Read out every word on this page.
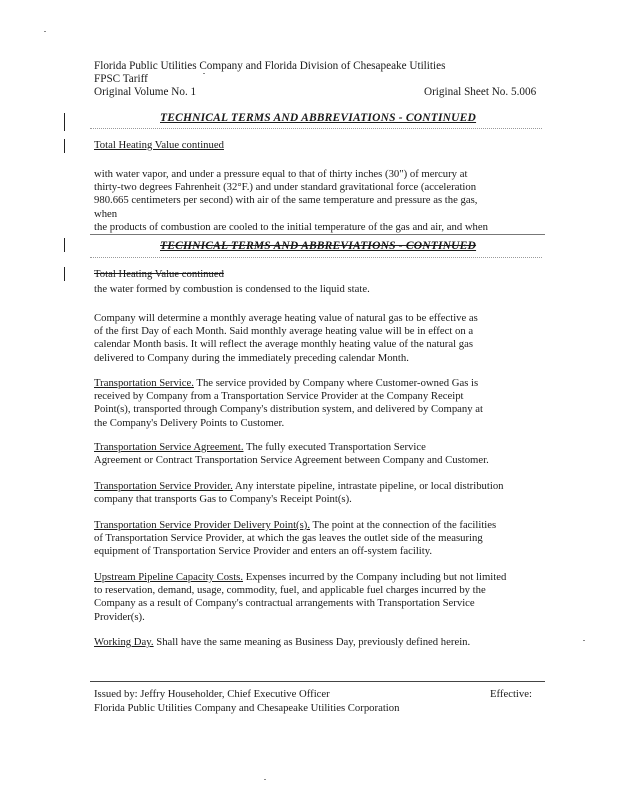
Florida Public Utilities Company and Florida Division of Chesapeake Utilities
FPSC Tariff
Original Volume No. 1	Original Sheet No. 5.006
TECHNICAL TERMS AND ABBREVIATIONS - CONTINUED
Total Heating Value continued

with water vapor, and under a pressure equal to that of thirty inches (30") of mercury at

thirty-two degrees Fahrenheit (32°F.) and under standard gravitational force (acceleration

980.665 centimeters per second) with air of the same temperature and pressure as the gas,

when

the products of combustion are cooled to the initial temperature of the gas and air, and when

TECHNICAL TERMS AND ABBREVIATIONS - CONTINUED
Total Heating Value continued
the water formed by combustion is condensed to the liquid state.

Company will determine a monthly average heating value of natural gas to be effective as

of the first Day of each Month. Said monthly average heating value will be in effect on a

calendar Month basis. It will reflect the average monthly heating value of the natural gas

delivered to Company during the immediately preceding calendar Month.

Transportation Service. The service provided by Company where Customer-owned Gas is

received by Company from a Transportation Service Provider at the Company Receipt

Point(s), transported through Company's distribution system, and delivered by Company at

the Company's Delivery Points to Customer.

Transportation Service Agreement. The fully executed Transportation Service

Agreement or Contract Transportation Service Agreement between Company and Customer.

Transportation Service Provider. Any interstate pipeline, intrastate pipeline, or local distribution

company that transports Gas to Company's Receipt Point(s).

Transportation Service Provider Delivery Point(s). The point at the connection of the facilities

of Transportation Service Provider, at which the gas leaves the outlet side of the measuring

equipment of Transportation Service Provider and enters an off-system facility.

Upstream Pipeline Capacity Costs. Expenses incurred by the Company including but not limited

to reservation, demand, usage, commodity, fuel, and applicable fuel charges incurred by the

Company as a result of Company's contractual arrangements with Transportation Service

Provider(s).

Working Day. Shall have the same meaning as Business Day, previously defined herein.

Issued by: Jeffry Householder, Chief Executive Officer	Effective:
Florida Public Utilities Company and Chesapeake Utilities Corporation
